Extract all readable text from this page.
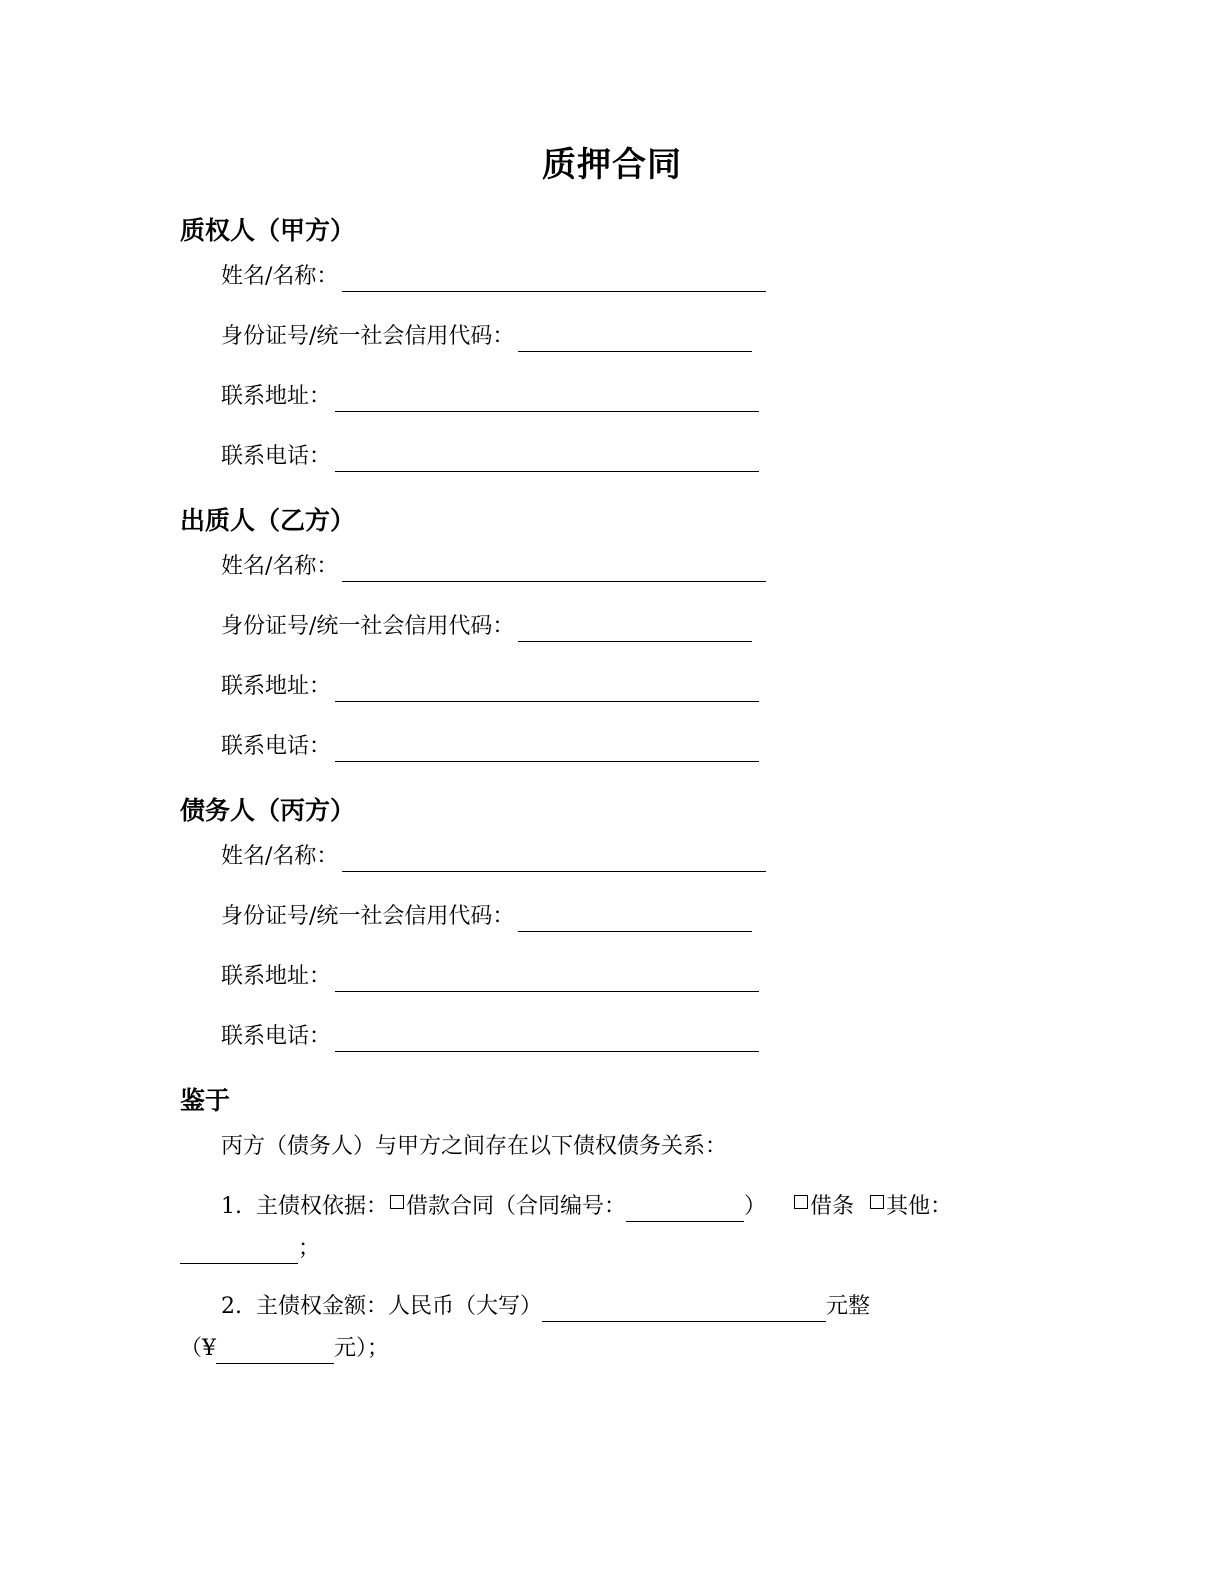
质押合同
质权人（甲方）
姓名/名称：
身份证号/统一社会信用代码：
联系地址：
联系电话：
出质人（乙方）
姓名/名称：
身份证号/统一社会信用代码：
联系地址：
联系电话：
债务人（丙方）
姓名/名称：
身份证号/统一社会信用代码：
联系地址：
联系电话：
鉴于
丙方（债务人）与甲方之间存在以下债权债务关系：
1. 主债权依据： 借款合同（合同编号：	） 借条 其他：
；
2. 主债权金额：人民币（大写）	元整
（¥	元）；
